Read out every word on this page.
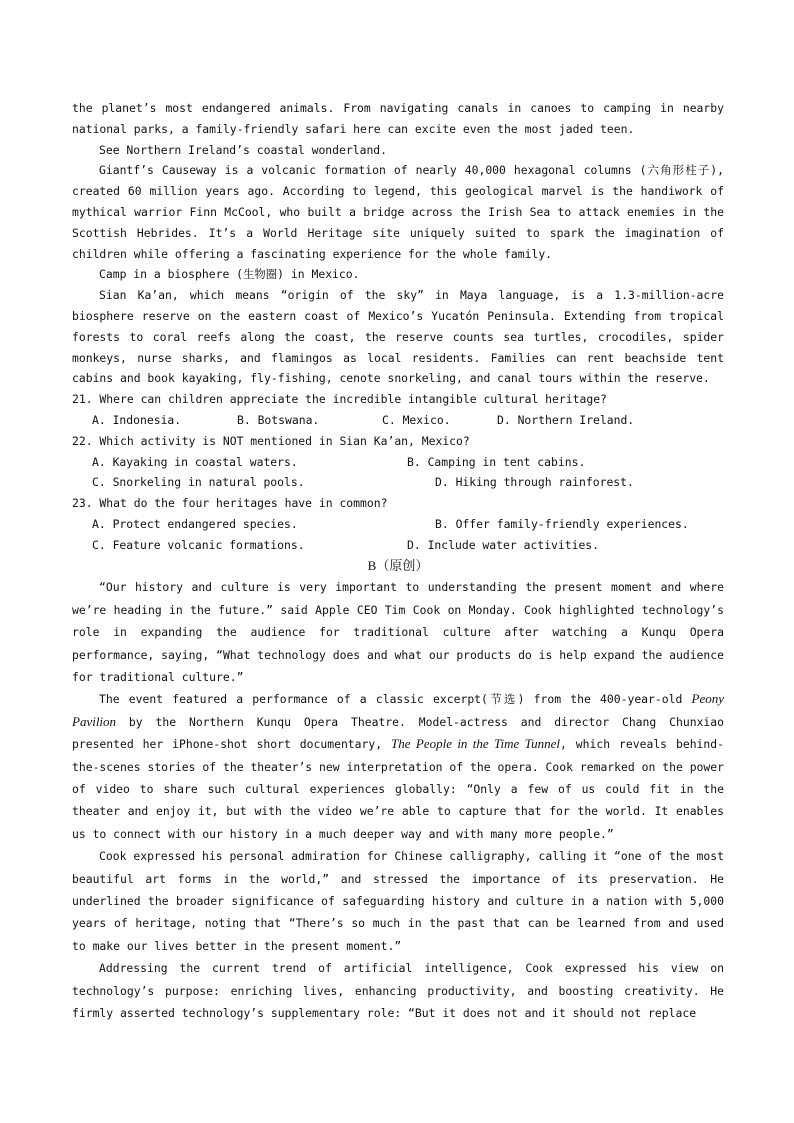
the planet’s most endangered animals. From navigating canals in canoes to camping in nearby national parks, a family-friendly safari here can excite even the most jaded teen.

See Northern Ireland’s coastal wonderland.

Giantf’s Causeway is a volcanic formation of nearly 40,000 hexagonal columns (六角形柱子), created 60 million years ago. According to legend, this geological marvel is the handiwork of mythical warrior Finn McCool, who built a bridge across the Irish Sea to attack enemies in the Scottish Hebrides. It’s a World Heritage site uniquely suited to spark the imagination of children while offering a fascinating experience for the whole family.

Camp in a biosphere (生物圈) in Mexico.

Sian Ka’an, which means “origin of the sky” in Maya language, is a 1.3-million-acre biosphere reserve on the eastern coast of Mexico’s Yucatón Peninsula. Extending from tropical forests to coral reefs along the coast, the reserve counts sea turtles, crocodiles, spider monkeys, nurse sharks, and flamingos as local residents. Families can rent beachside tent cabins and book kayaking, fly-fishing, cenote snorkeling, and canal tours within the reserve.

21. Where can children appreciate the incredible intangible cultural heritage?

A. Indonesia.	B. Botswana.	C. Mexico.	D. Northern Ireland.

22. Which activity is NOT mentioned in Sian Ka’an, Mexico?

A. Kayaking in coastal waters.	B. Camping in tent cabins.
C. Snorkeling in natural pools.	D. Hiking through rainforest.

23. What do the four heritages have in common?

A. Protect endangered species.	B. Offer family-friendly experiences.
C. Feature volcanic formations.	D. Include water activities.

B（原创）

“Our history and culture is very important to understanding the present moment and where we’re heading in the future.” said Apple CEO Tim Cook on Monday. Cook highlighted technology’s role in expanding the audience for traditional culture after watching a Kunqu Opera performance, saying, “What technology does and what our products do is help expand the audience for traditional culture.”

The event featured a performance of a classic excerpt(节选) from the 400-year-old Peony Pavilion by the Northern Kunqu Opera Theatre. Model-actress and director Chang Chunxiao presented her iPhone-shot short documentary, The People in the Time Tunnel, which reveals behind-the-scenes stories of the theater’s new interpretation of the opera. Cook remarked on the power of video to share such cultural experiences globally: “Only a few of us could fit in the theater and enjoy it, but with the video we’re able to capture that for the world. It enables us to connect with our history in a much deeper way and with many more people.”

Cook expressed his personal admiration for Chinese calligraphy, calling it “one of the most beautiful art forms in the world,” and stressed the importance of its preservation. He underlined the broader significance of safeguarding history and culture in a nation with 5,000 years of heritage, noting that “There’s so much in the past that can be learned from and used to make our lives better in the present moment.”

Addressing the current trend of artificial intelligence, Cook expressed his view on technology’s purpose: enriching lives, enhancing productivity, and boosting creativity. He firmly asserted technology’s supplementary role: “But it does not and it should not replace
